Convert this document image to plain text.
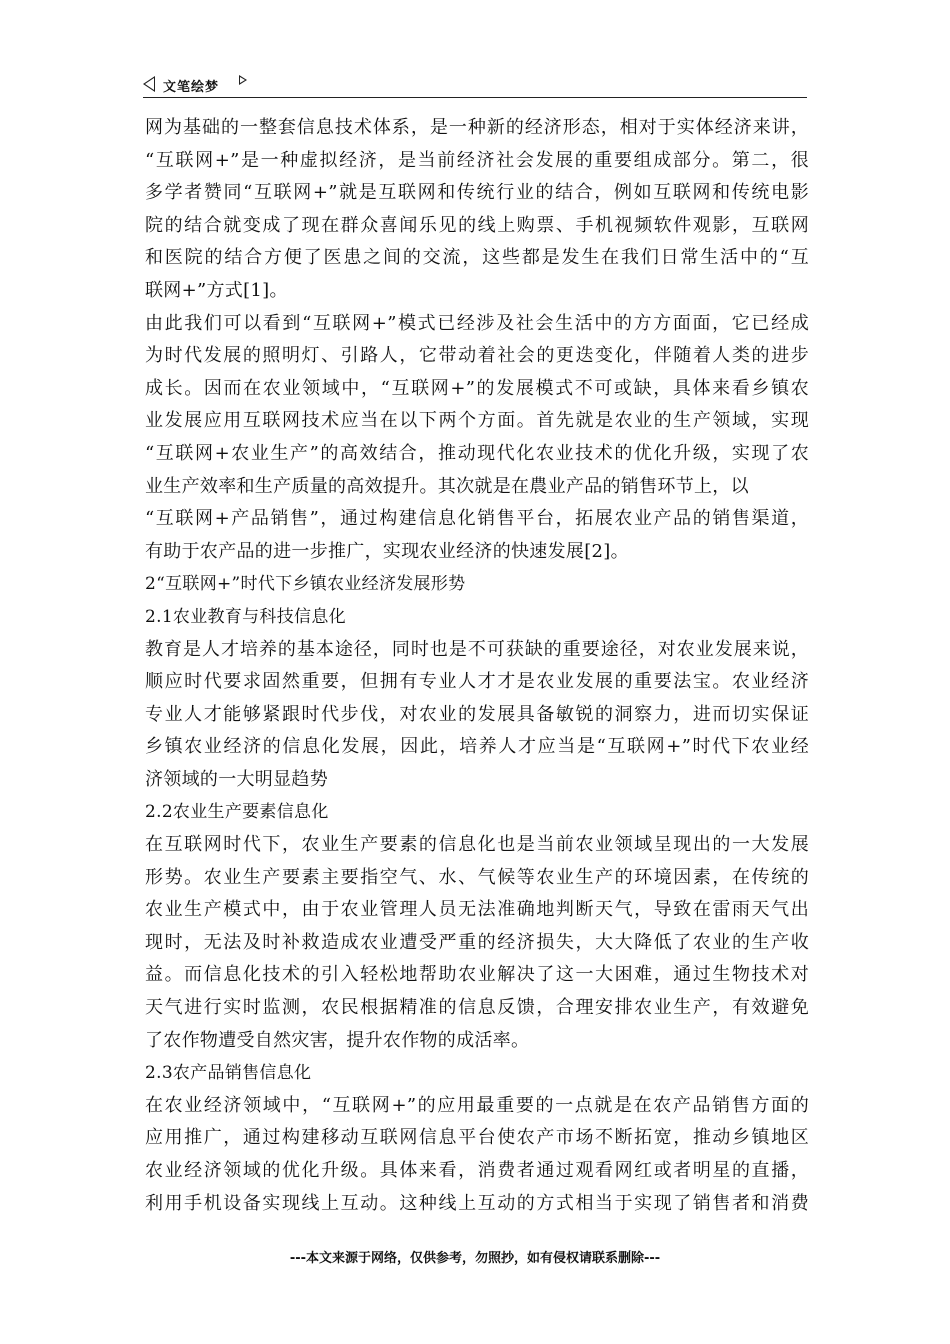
文笔绘梦
网为基础的一整套信息技术体系，是一种新的经济形态，相对于实体经济来讲，
“互联网+”是一种虚拟经济，是当前经济社会发展的重要组成部分。第二，很
多学者赞同“互联网+”就是互联网和传统行业的结合，例如互联网和传统电影
院的结合就变成了现在群众喜闻乐见的线上购票、手机视频软件观影，互联网
和医院的结合方便了医患之间的交流，这些都是发生在我们日常生活中的“互
联网+”方式[1]。
由此我们可以看到“互联网+”模式已经涉及社会生活中的方方面面，它已经成
为时代发展的照明灯、引路人，它带动着社会的更迭变化，伴随着人类的进步
成长。因而在农业领域中，“互联网+”的发展模式不可或缺，具体来看乡镇农
业发展应用互联网技术应当在以下两个方面。首先就是农业的生产领域，实现
“互联网+农业生产”的高效结合，推动现代化农业技术的优化升级，实现了农
业生产效率和生产质量的高效提升。其次就是在農业产品的销售环节上，以
“互联网+产品销售”，通过构建信息化销售平台，拓展农业产品的销售渠道，
有助于农产品的进一步推广，实现农业经济的快速发展[2]。
2“互联网+”时代下乡镇农业经济发展形势
2.1农业教育与科技信息化
教育是人才培养的基本途径，同时也是不可获缺的重要途径，对农业发展来说，
顺应时代要求固然重要，但拥有专业人才才是农业发展的重要法宝。农业经济
专业人才能够紧跟时代步伐，对农业的发展具备敏锐的洞察力，进而切实保证
乡镇农业经济的信息化发展，因此，培养人才应当是“互联网+”时代下农业经
济领域的一大明显趋势
2.2农业生产要素信息化
在互联网时代下，农业生产要素的信息化也是当前农业领域呈现出的一大发展
形势。农业生产要素主要指空气、水、气候等农业生产的环境因素，在传统的
农业生产模式中，由于农业管理人员无法准确地判断天气，导致在雷雨天气出
现时，无法及时补救造成农业遭受严重的经济损失，大大降低了农业的生产收
益。而信息化技术的引入轻松地帮助农业解决了这一大困难，通过生物技术对
天气进行实时监测，农民根据精准的信息反馈，合理安排农业生产，有效避免
了农作物遭受自然灾害，提升农作物的成活率。
2.3农产品销售信息化
在农业经济领域中，“互联网+”的应用最重要的一点就是在农产品销售方面的
应用推广，通过构建移动互联网信息平台使农产市场不断拓宽，推动乡镇地区
农业经济领域的优化升级。具体来看，消费者通过观看网红或者明星的直播，
利用手机设备实现线上互动。这种线上互动的方式相当于实现了销售者和消费
---本文来源于网络，仅供参考，勿照抄，如有侵权请联系删除---
